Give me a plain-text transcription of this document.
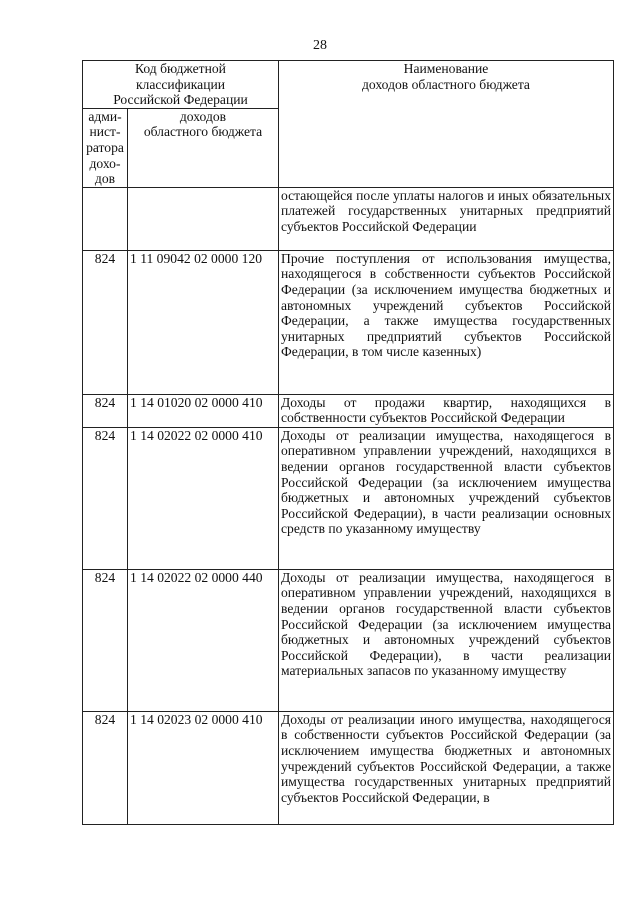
28
Код бюджетной
классификации
Российской Федерации		Наименование
доходов областного бюджета

адми-
нист-
ратора
дохо-
дов	доходов
областного бюджета	

		остающейся после уплаты налогов и иных обязательных платежей государственных унитарных предприятий субъектов Российской Федерации
824	1 11 09042 02 0000 120	Прочие поступления от использования имущества, находящегося в собственности субъектов Российской Федерации (за исключением имущества бюджетных и автономных учреждений субъектов Российской Федерации, а также имущества государственных унитарных предприятий субъектов Российской Федерации, в том числе казенных)
824	1 14 01020 02 0000 410	Доходы от продажи квартир, находящихся в собственности субъектов Российской Федерации
824	1 14 02022 02 0000 410	Доходы от реализации имущества, находящегося в оперативном управлении учреждений, находящихся в ведении органов государственной власти субъектов Российской Федерации (за исключением имущества бюджетных и автономных учреждений субъектов Российской Федерации), в части реализации основных средств по указанному имуществу
824	1 14 02022 02 0000 440	Доходы от реализации имущества, находящегося в оперативном управлении учреждений, находящихся в ведении органов государственной власти субъектов Российской Федерации (за исключением имущества бюджетных и автономных учреждений субъектов Российской Федерации), в части реализации материальных запасов по указанному имуществу
824	1 14 02023 02 0000 410	Доходы от реализации иного имущества, находящегося в собственности субъектов Российской Федерации (за исключением имущества бюджетных и автономных учреждений субъектов Российской Федерации, а также имущества государственных унитарных предприятий субъектов Российской Федерации, в
